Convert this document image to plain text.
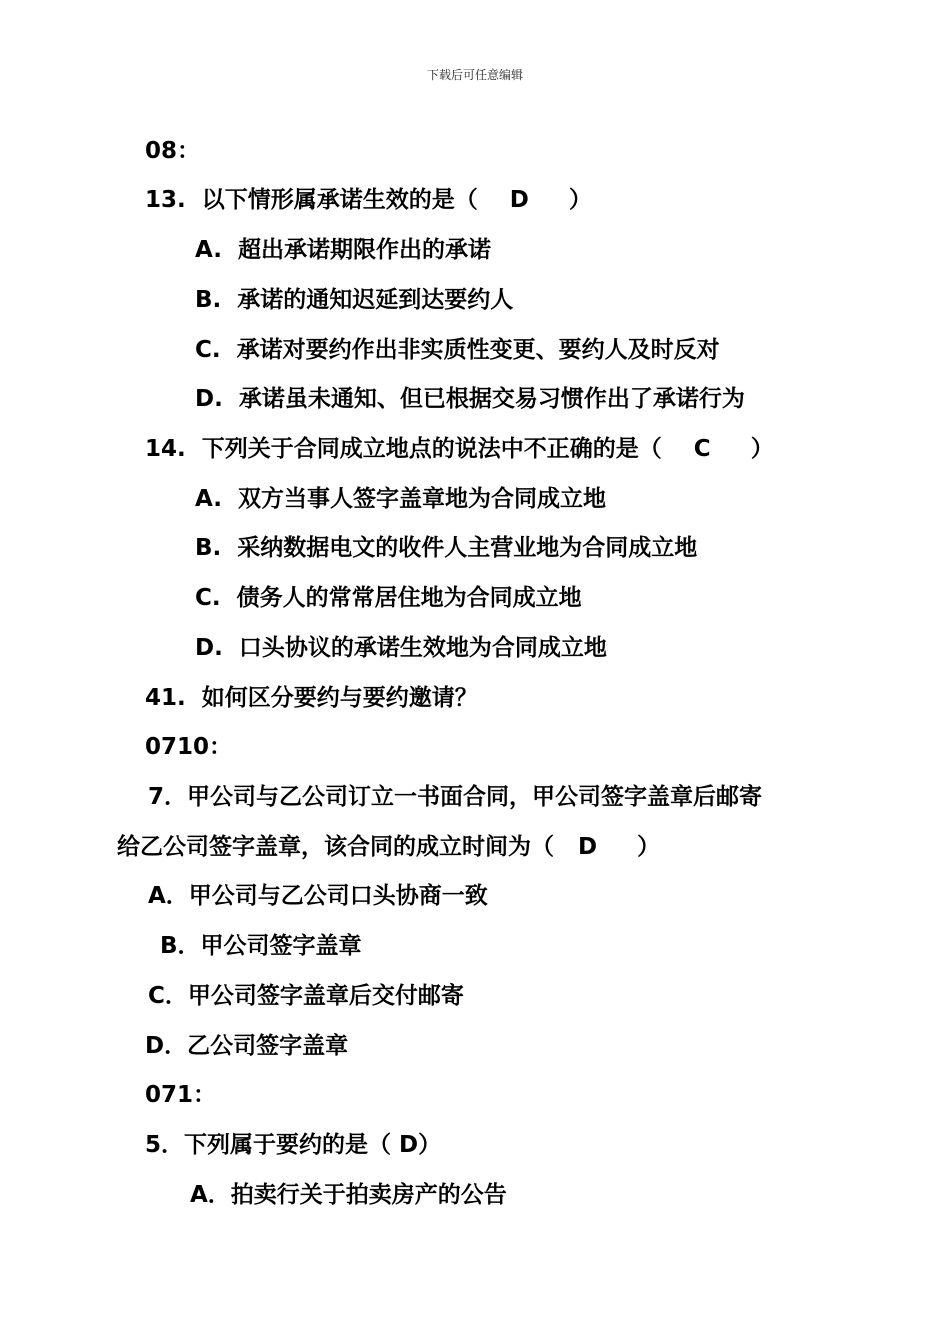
下载后可任意编辑
08：
13.  以下情形属承诺生效的是（    D     ）
A.  超出承诺期限作出的承诺
B.  承诺的通知迟延到达要约人
C.  承诺对要约作出非实质性变更、要约人及时反对
D.  承诺虽未通知、但已根据交易习惯作出了承诺行为
14.  下列关于合同成立地点的说法中不正确的是（    C     ）
A.  双方当事人签字盖章地为合同成立地
B.  采纳数据电文的收件人主营业地为合同成立地
C.  债务人的常常居住地为合同成立地
D.  口头协议的承诺生效地为合同成立地
41.  如何区分要约与要约邀请？
0710：
7．甲公司与乙公司订立一书面合同，甲公司签字盖章后邮寄
给乙公司签字盖章，该合同的成立时间为（   D     ）
A．甲公司与乙公司口头协商一致
B．甲公司签字盖章
C．甲公司签字盖章后交付邮寄
D．乙公司签字盖章
071：
5．下列属于要约的是（ D）
A．拍卖行关于拍卖房产的公告
